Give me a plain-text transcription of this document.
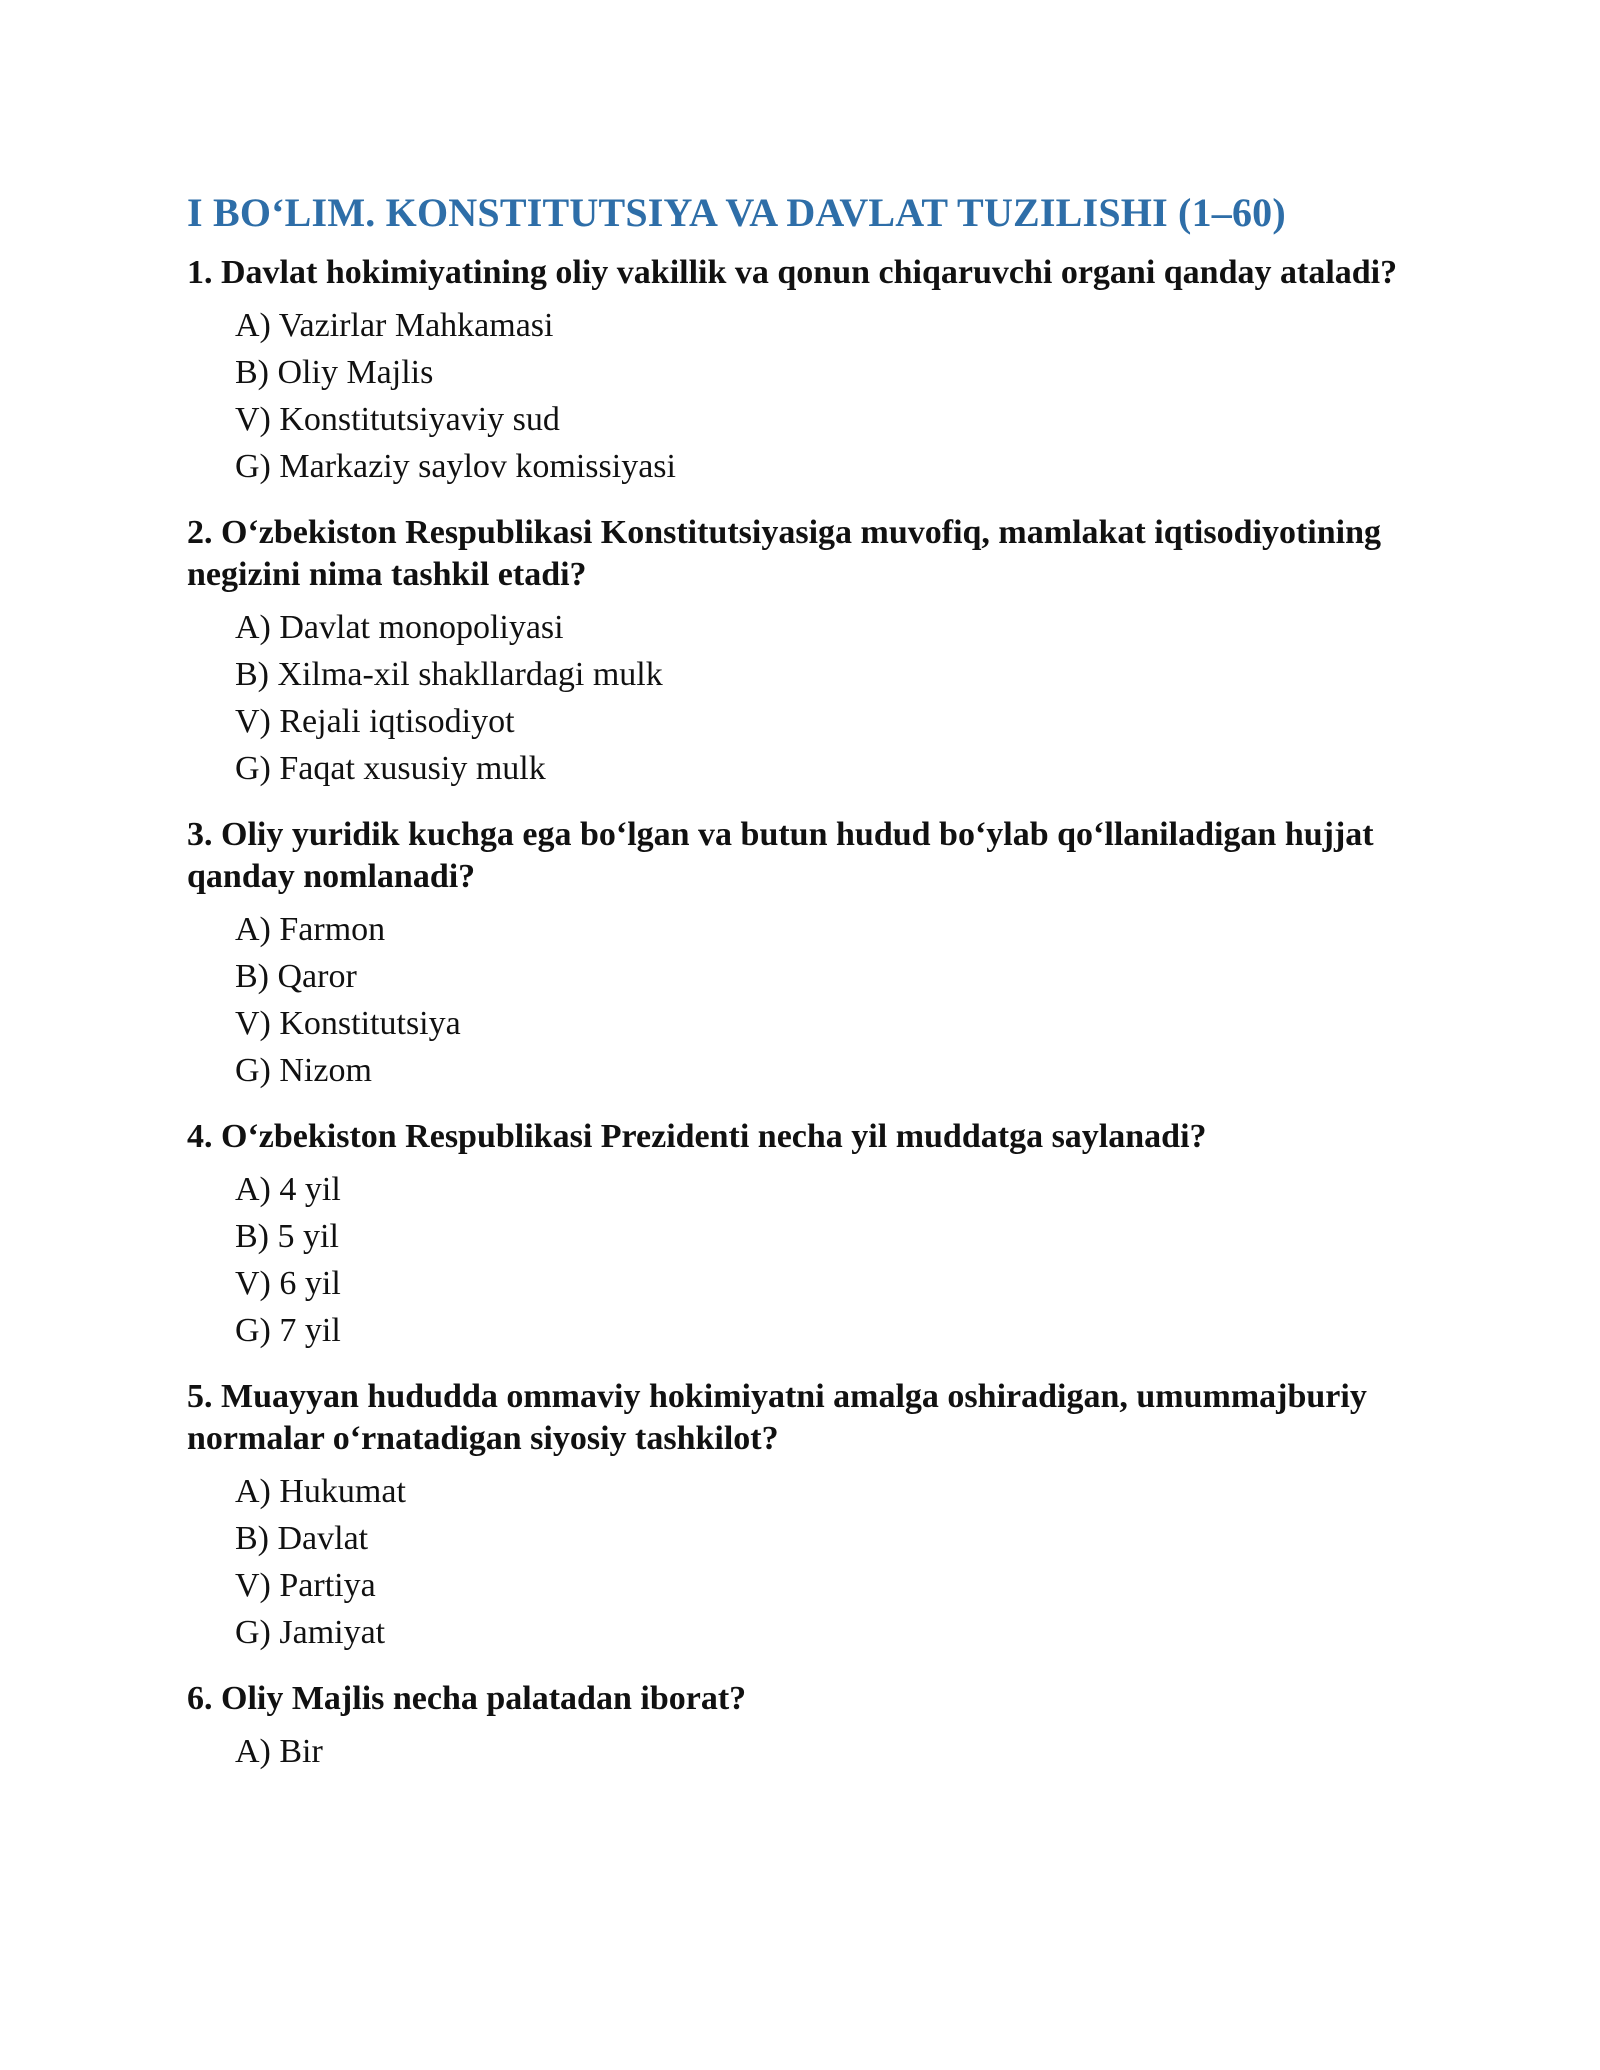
I BO‘LIM. KONSTITUTSIYA VA DAVLAT TUZILISHI (1–60)

1. Davlat hokimiyatining oliy vakillik va qonun chiqaruvchi organi qanday ataladi?

A) Vazirlar Mahkamasi
B) Oliy Majlis
V) Konstitutsiyaviy sud
G) Markaziy saylov komissiyasi

2. O‘zbekiston Respublikasi Konstitutsiyasiga muvofiq, mamlakat iqtisodiyotining negizini nima tashkil etadi?

A) Davlat monopoliyasi
B) Xilma-xil shakllardagi mulk
V) Rejali iqtisodiyot
G) Faqat xususiy mulk

3. Oliy yuridik kuchga ega bo‘lgan va butun hudud bo‘ylab qo‘llaniladigan hujjat qanday nomlanadi?

A) Farmon
B) Qaror
V) Konstitutsiya
G) Nizom

4. O‘zbekiston Respublikasi Prezidenti necha yil muddatga saylanadi?

A) 4 yil
B) 5 yil
V) 6 yil
G) 7 yil

5. Muayyan hududda ommaviy hokimiyatni amalga oshiradigan, umummajburiy normalar o‘rnatadigan siyosiy tashkilot?

A) Hukumat
B) Davlat
V) Partiya
G) Jamiyat

6. Oliy Majlis necha palatadan iborat?

A) Bir
